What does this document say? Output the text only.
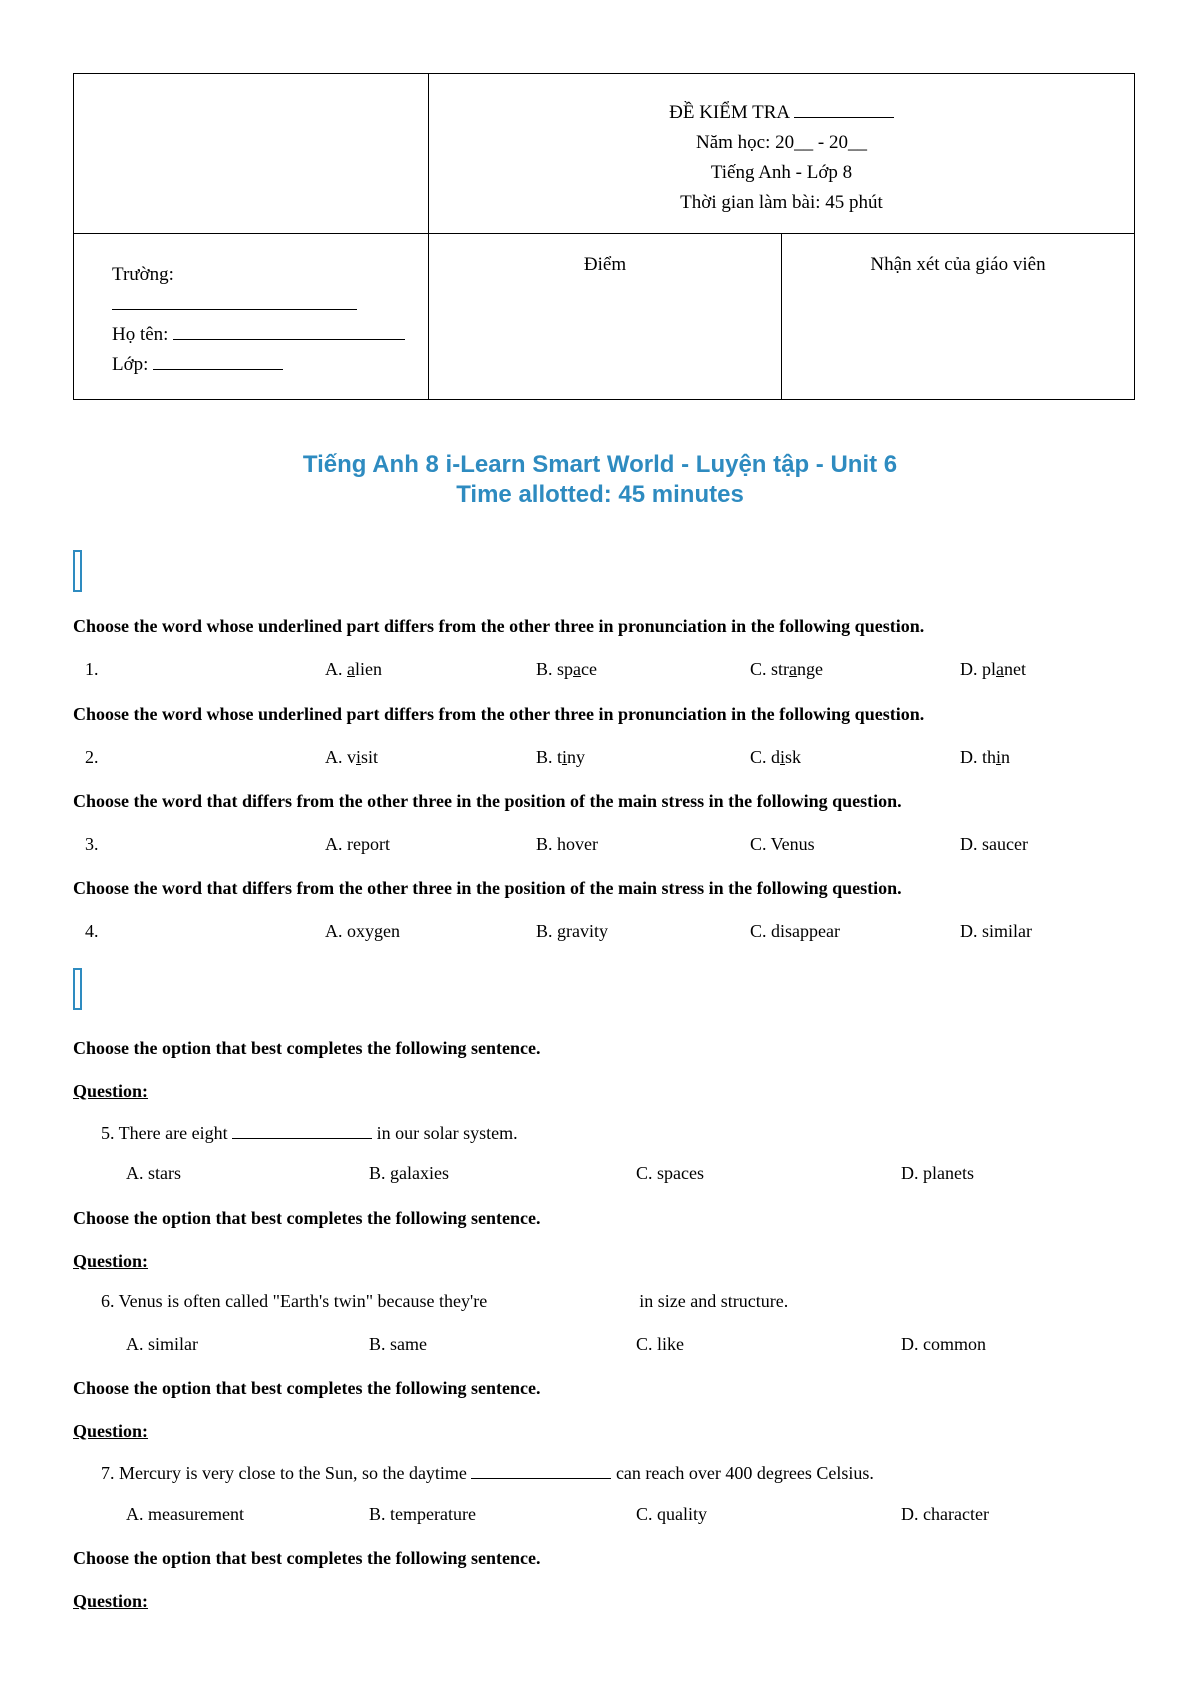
	ĐỀ KIỂM TRA
Năm học: 20__ - 20__
Tiếng Anh - Lớp 8
Thời gian làm bài: 45 phút	

Trường:
Họ tên:
Lớp:	Điểm	Nhận xét của giáo viên
Tiếng Anh 8 i-Learn Smart World - Luyện tập - Unit 6
Time allotted: 45 minutes
Choose the word whose underlined part differs from the other three in pronunciation in the following question.
1.	A. alien	B. space	C. strange	D. planet
Choose the word whose underlined part differs from the other three in pronunciation in the following question.
2.	A. visit	B. tiny	C. disk	D. thin
Choose the word that differs from the other three in the position of the main stress in the following question.
3.	A. report	B. hover	C. Venus	D. saucer
Choose the word that differs from the other three in the position of the main stress in the following question.
4.	A. oxygen	B. gravity	C. disappear	D. similar
Choose the option that best completes the following sentence.
Question:
5. There are eight	in our solar system.
A. stars	B. galaxies	C. spaces	D. planets
Choose the option that best completes the following sentence.
Question:
6. Venus is often called "Earth's twin" because they're	in size and structure.
A. similar	B. same	C. like	D. common
Choose the option that best completes the following sentence.
Question:
7. Mercury is very close to the Sun, so the daytime	can reach over 400 degrees Celsius.
A. measurement	B. temperature	C. quality	D. character
Choose the option that best completes the following sentence.
Question:
